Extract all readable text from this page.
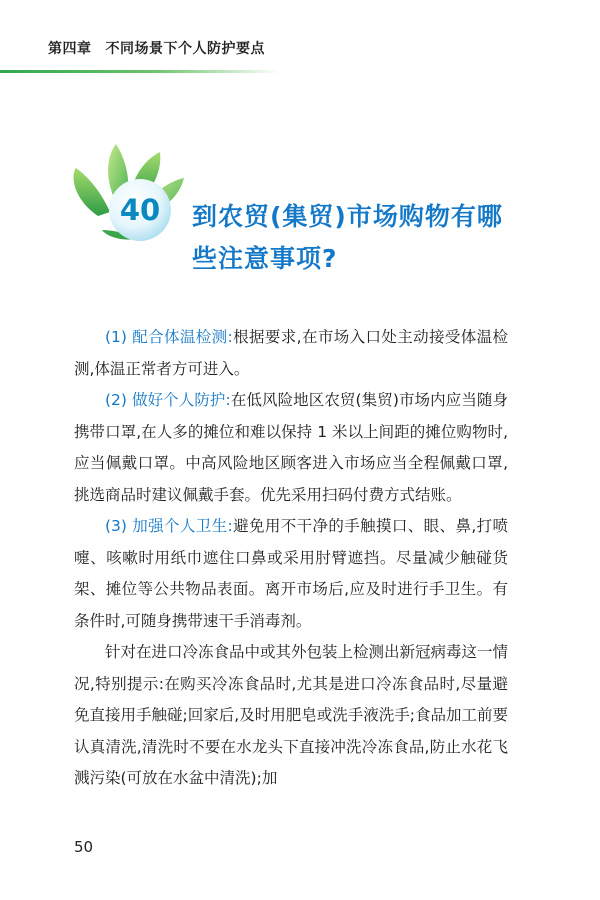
第四章 不同场景下个人防护要点
40	到农贸(集贸)市场购物有哪
些注意事项?

(1) 配合体温检测:根据要求,在市场入口处主动接受体温检测,体温正常者方可进入。

(2) 做好个人防护:在低风险地区农贸(集贸)市场内应当随身携带口罩,在人多的摊位和难以保持 1 米以上间距的摊位购物时,应当佩戴口罩。中高风险地区顾客进入市场应当全程佩戴口罩,挑选商品时建议佩戴手套。优先采用扫码付费方式结账。

(3) 加强个人卫生:避免用不干净的手触摸口、眼、鼻,打喷嚏、咳嗽时用纸巾遮住口鼻或采用肘臂遮挡。尽量减少触碰货架、摊位等公共物品表面。离开市场后,应及时进行手卫生。有条件时,可随身携带速干手消毒剂。

针对在进口冷冻食品中或其外包装上检测出新冠病毒这一情况,特别提示:在购买冷冻食品时,尤其是进口冷冻食品时,尽量避免直接用手触碰;回家后,及时用肥皂或洗手液洗手;食品加工前要认真清洗,清洗时不要在水龙头下直接冲洗冷冻食品,防止水花飞溅污染(可放在水盆中清洗);加

50
